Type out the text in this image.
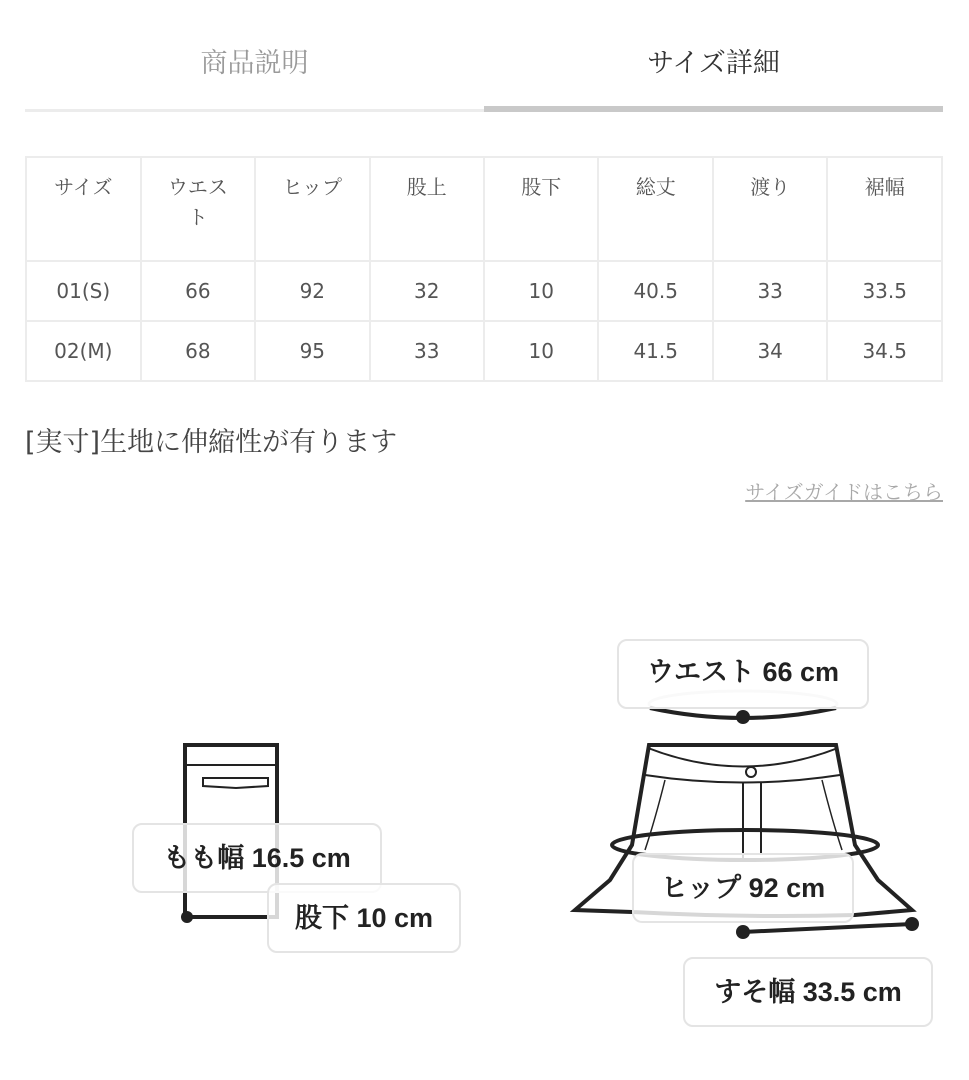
商品説明	サイズ詳細
サイズ	ウエスト	ヒップ	股上	股下	総丈	渡り	裾幅
01(S)	66	92	32	10	40.5	33	33.5
02(M)	68	95	33	10	41.5	34	34.5
[実寸]生地に伸縮性が有ります
サイズガイドはこちら
もも幅 16.5 cm
股下 10 cm
ウエスト 66 cm
ヒップ 92 cm
すそ幅 33.5 cm
